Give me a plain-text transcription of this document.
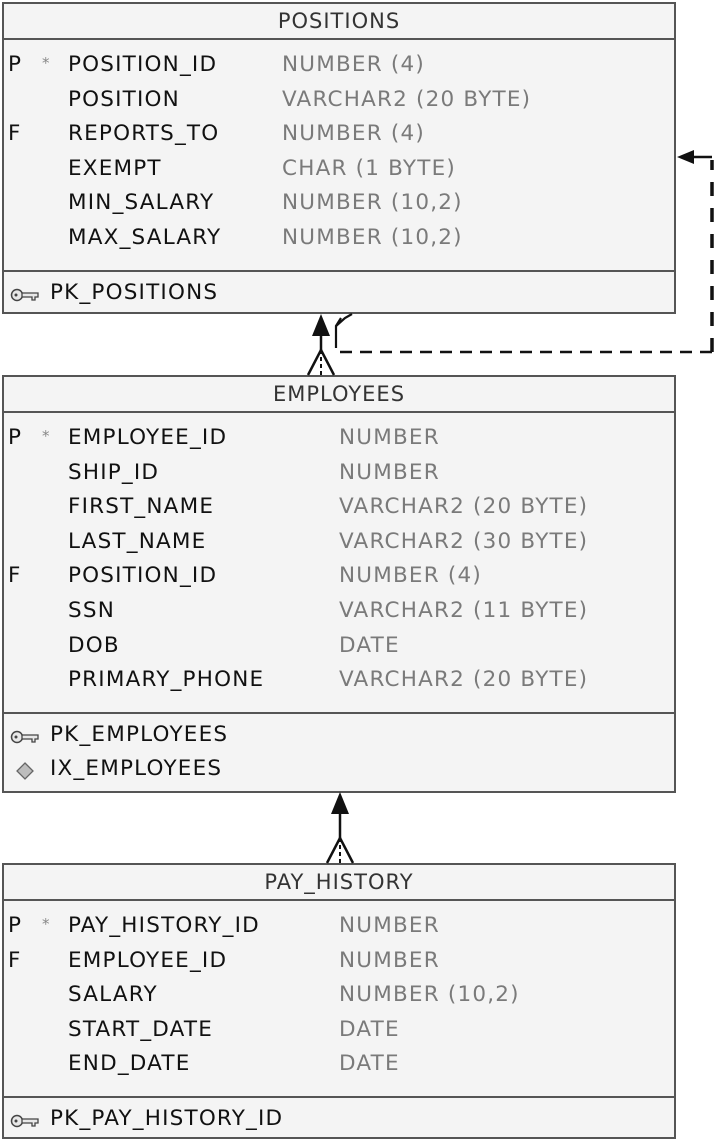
POSITIONS
P * POSITION_ID	NUMBER (4)
POSITION	VARCHAR2 (20 BYTE)
F REPORTS_TO	NUMBER (4)
EXEMPT	CHAR (1 BYTE)
MIN_SALARY	NUMBER (10,2)
MAX_SALARY	NUMBER (10,2)
PK_POSITIONS
EMPLOYEES
P * EMPLOYEE_ID	NUMBER
SHIP_ID	NUMBER
FIRST_NAME	VARCHAR2 (20 BYTE)
LAST_NAME	VARCHAR2 (30 BYTE)
F POSITION_ID	NUMBER (4)
SSN	VARCHAR2 (11 BYTE)
DOB	DATE
PRIMARY_PHONE	VARCHAR2 (20 BYTE)
PK_EMPLOYEES
IX_EMPLOYEES
PAY_HISTORY
P * PAY_HISTORY_ID	NUMBER
F EMPLOYEE_ID	NUMBER
SALARY	NUMBER (10,2)
START_DATE	DATE
END_DATE	DATE
PK_PAY_HISTORY_ID
